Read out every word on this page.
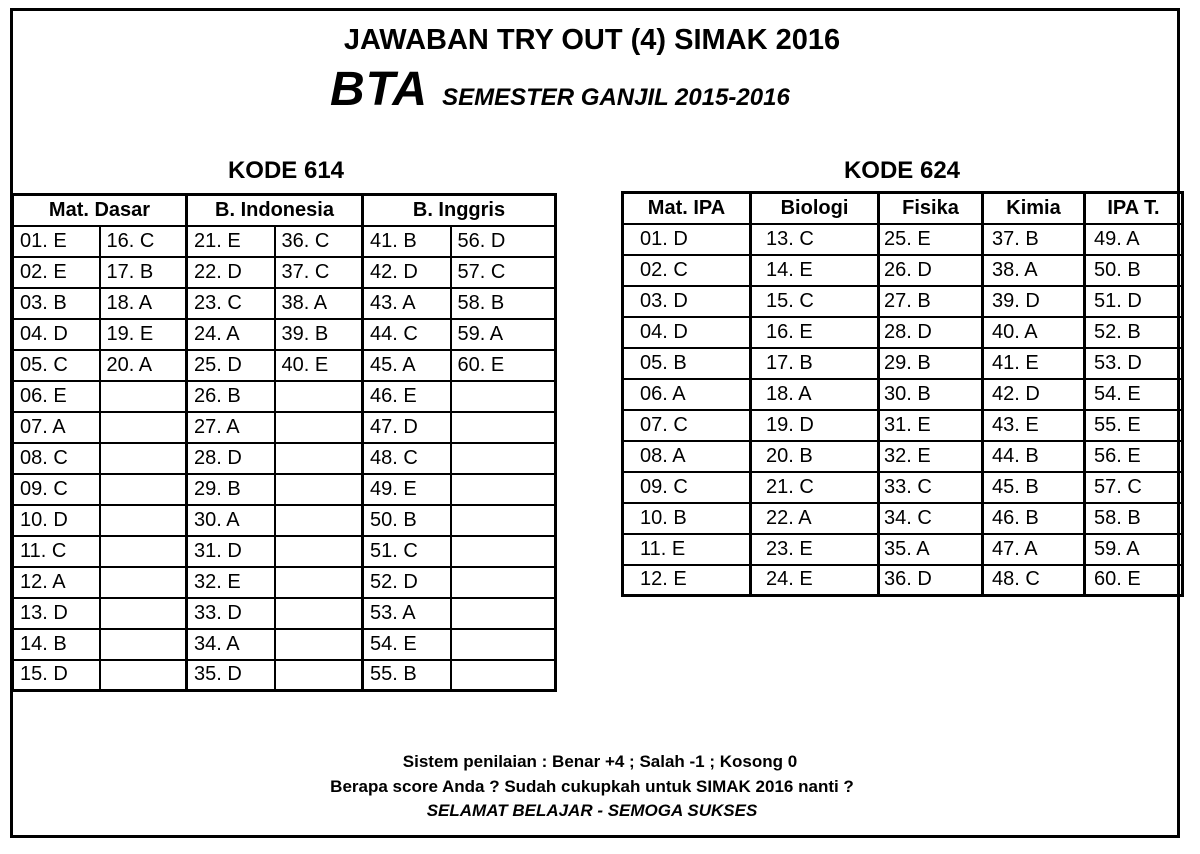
JAWABAN TRY OUT (4) SIMAK 2016
BTA SEMESTER GANJIL 2015-2016
KODE 614	KODE 624
Mat. Dasar		B. Indonesia		B. Inggris	
01. E	16. C	21. E	36. C	41. B	56. D
02. E	17. B	22. D	37. C	42. D	57. C
03. B	18. A	23. C	38. A	43. A	58. B
04. D	19. E	24. A	39. B	44. C	59. A
05. C	20. A	25. D	40. E	45. A	60. E
06. E		26. B		46. E	
07. A		27. A		47. D	
08. C		28. D		48. C	
09. C		29. B		49. E	
10. D		30. A		50. B	
11. C		31. D		51. C	
12. A		32. E		52. D	
13. D		33. D		53. A	
14. B		34. A		54. E	
15. D		35. D		55. B	
Mat. IPA	Biologi	Fisika	Kimia	IPA T.
01. D	13. C	25. E	37. B	49. A
02. C	14. E	26. D	38. A	50. B
03. D	15. C	27. B	39. D	51. D
04. D	16. E	28. D	40. A	52. B
05. B	17. B	29. B	41. E	53. D
06. A	18. A	30. B	42. D	54. E
07. C	19. D	31. E	43. E	55. E
08. A	20. B	32. E	44. B	56. E
09. C	21. C	33. C	45. B	57. C
10. B	22. A	34. C	46. B	58. B
11. E	23. E	35. A	47. A	59. A
12. E	24. E	36. D	48. C	60. E
Sistem penilaian : Benar +4 ; Salah -1 ; Kosong 0
Berapa score Anda ? Sudah cukupkah untuk SIMAK 2016 nanti ?
SELAMAT BELAJAR - SEMOGA SUKSES
